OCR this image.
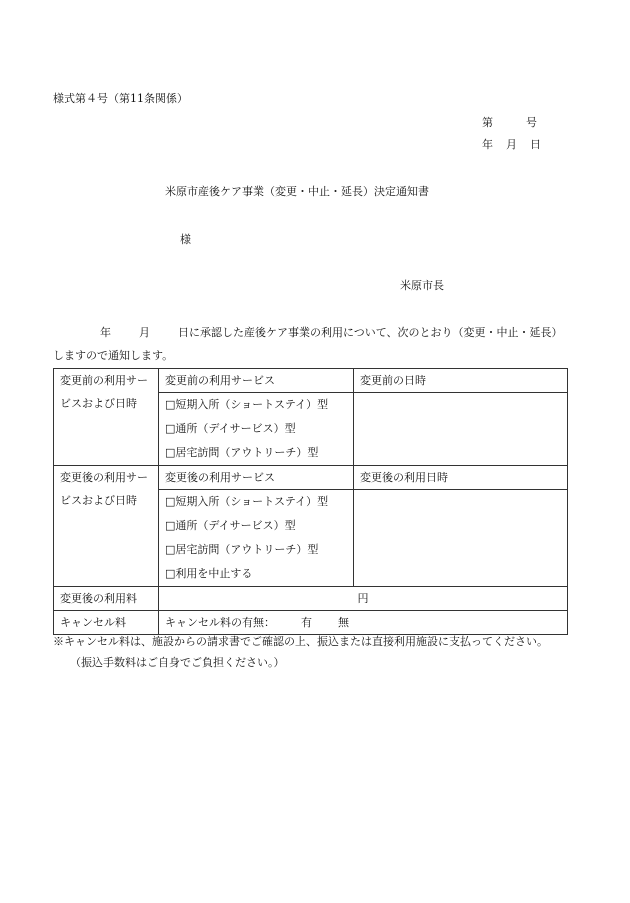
様式第４号（第11条関係）
第	号
年 月 日
米原市産後ケア事業（変更・中止・延長）決定通知書
様
米原市長
年	月	日に承認した産後ケア事業の利用について、次のとおり（変更・中止・延長）
しますので通知します。
変更前の利用サー
ビスおよび日時	変更前の利用サービス	変更前の日時

	□短期入所（ショートステイ）型
□通所（デイサービス）型
□居宅訪問（アウトリーチ）型	

変更後の利用サー
ビスおよび日時	変更後の利用サービス	変更後の利用日時

	□短期入所（ショートステイ）型
□通所（デイサービス）型
□居宅訪問（アウトリーチ）型
□利用を中止する	

変更後の利用料	円	
キャンセル料	キャンセル料の有無： 有 無	
※キャンセル料は、施設からの請求書でご確認の上、振込または直接利用施設に支払ってください。
（振込手数料はご自身でご負担ください。）
